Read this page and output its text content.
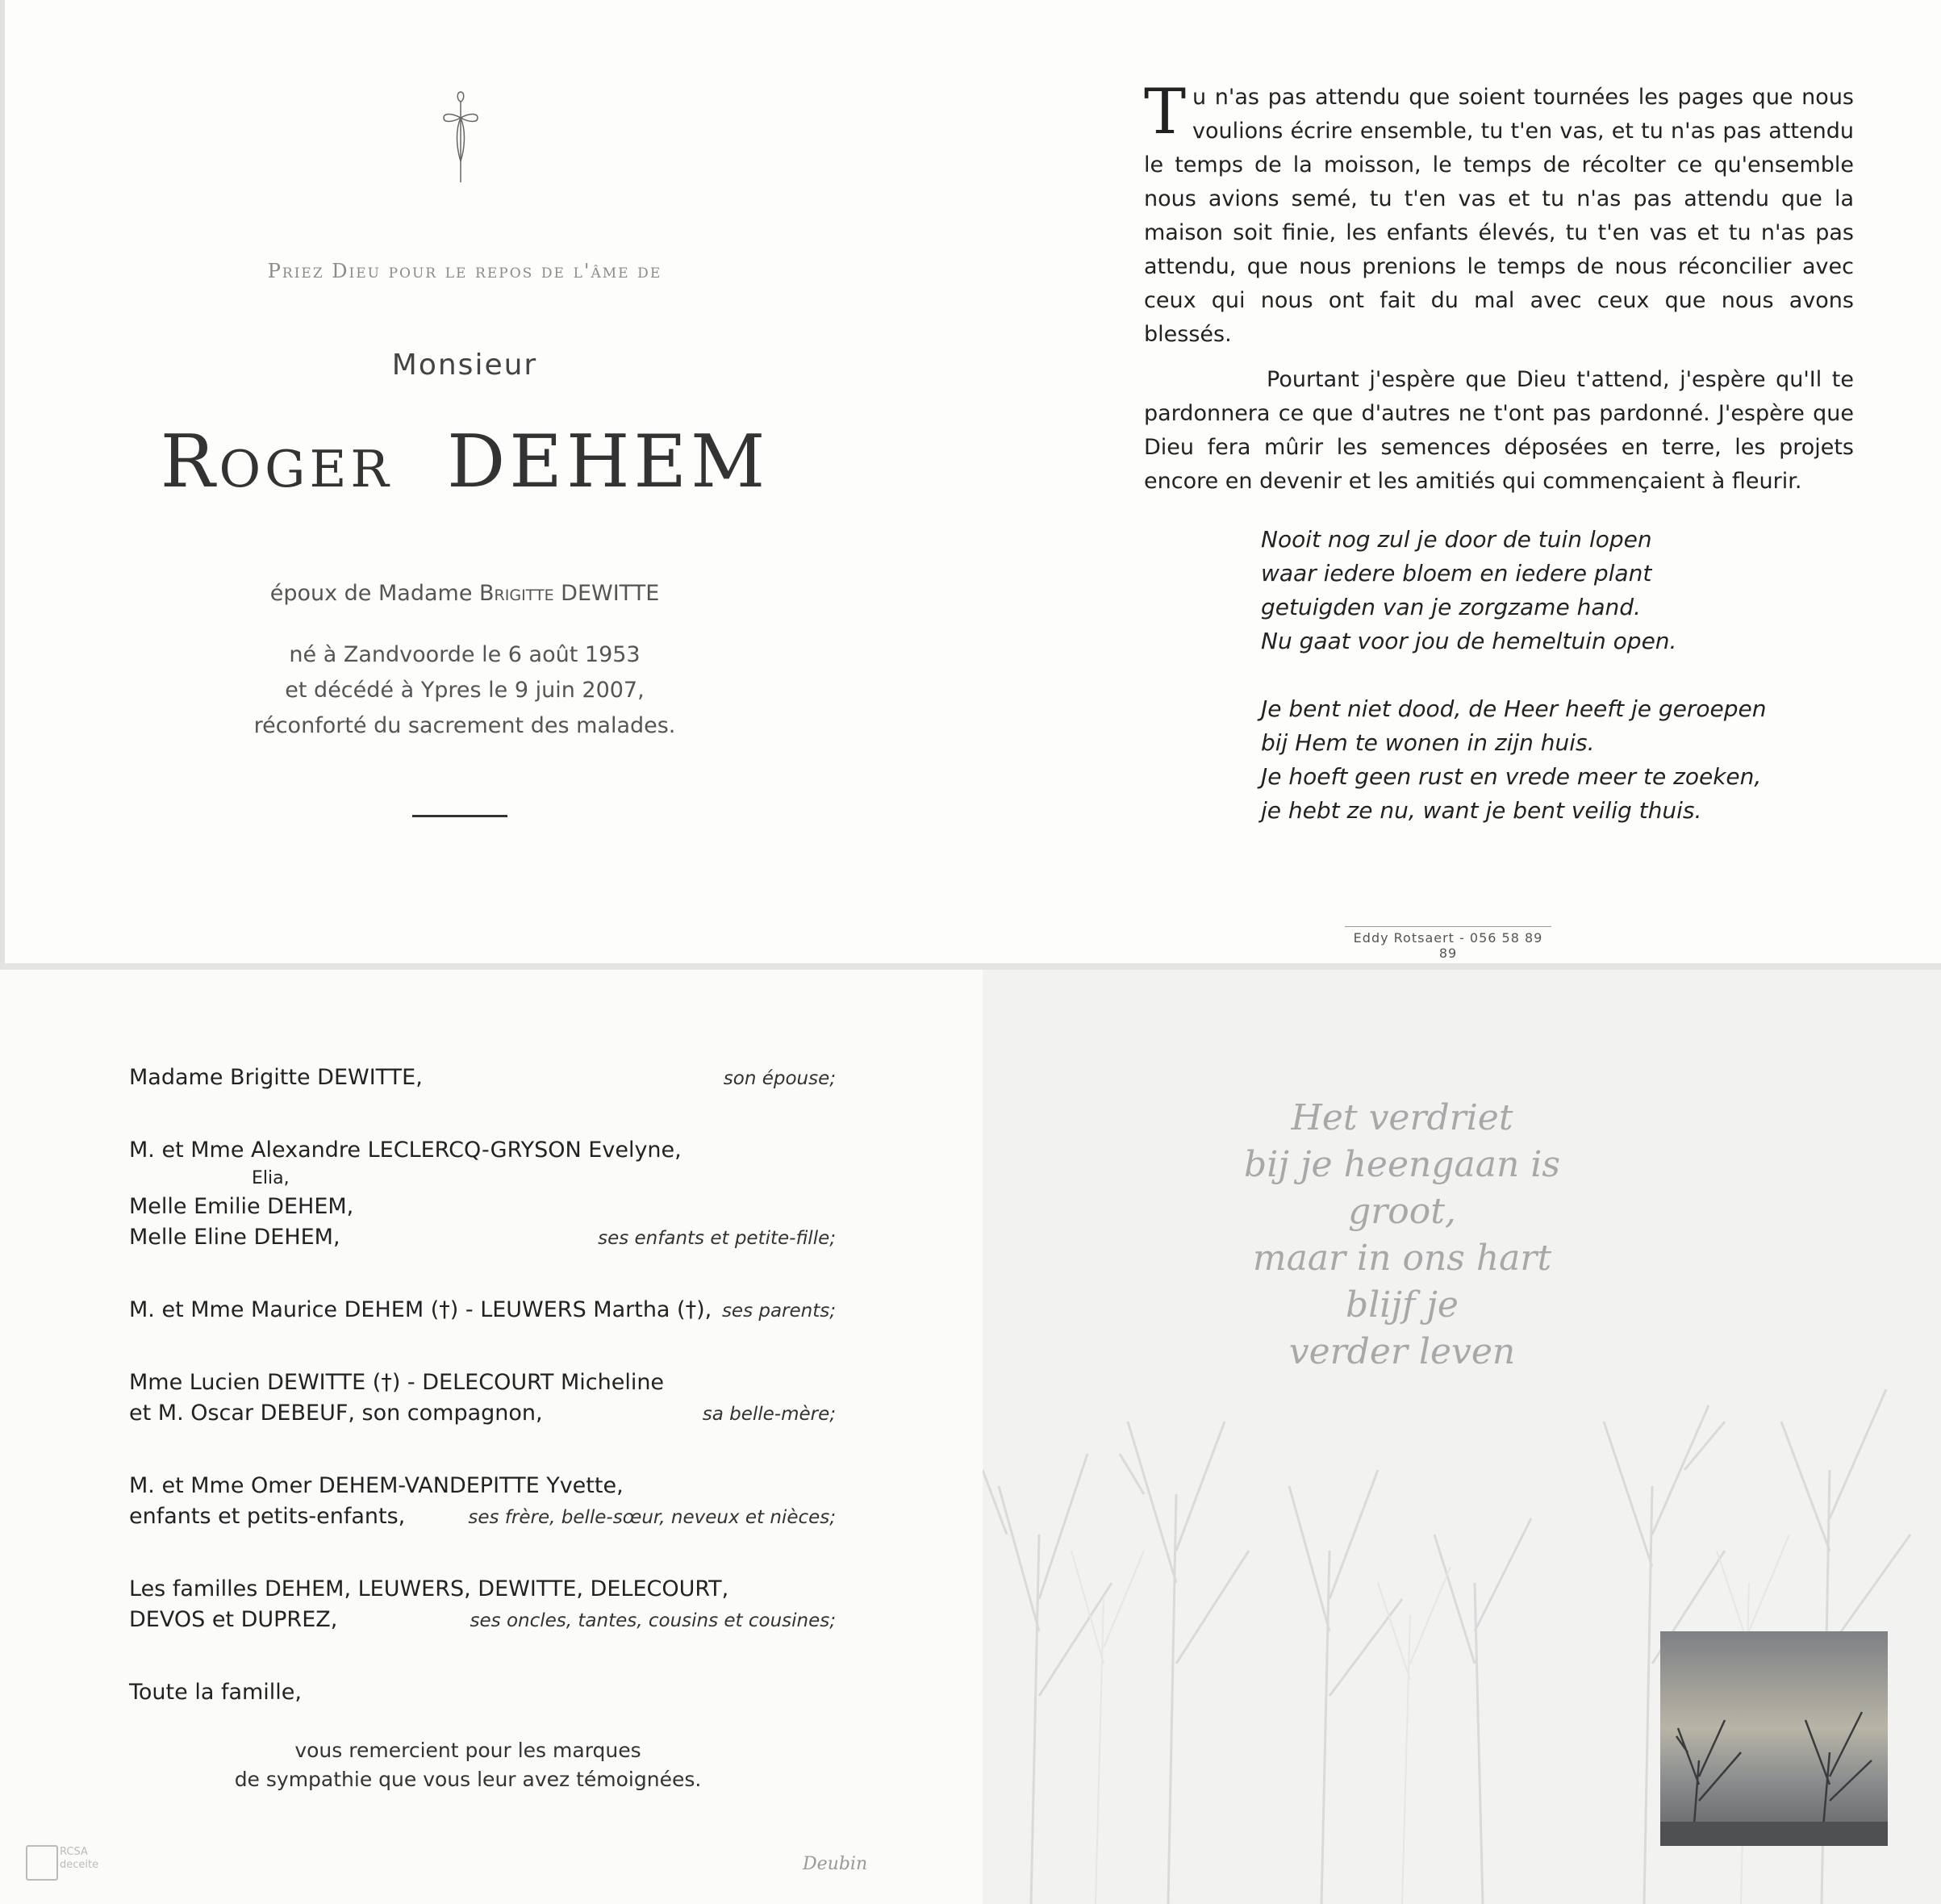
Priez Dieu pour le repos de l'âme de
Monsieur
Roger DEHEM
époux de Madame Brigitte DEWITTE
né à Zandvoorde le 6 août 1953
et décédé à Ypres le 9 juin 2007,
réconforté du sacrement des malades.
Tu n'as pas attendu que soient tournées les pages que nous voulions écrire ensemble, tu t'en vas, et tu n'as pas attendu le temps de la moisson, le temps de récolter ce qu'ensemble nous avions semé, tu t'en vas et tu n'as pas attendu que la maison soit finie, les enfants élevés, tu t'en vas et tu n'as pas attendu, que nous prenions le temps de nous réconcilier avec ceux qui nous ont fait du mal avec ceux que nous avons blessés.
Pourtant j'espère que Dieu t'attend, j'espère qu'Il te pardonnera ce que d'autres ne t'ont pas pardonné. J'espère que Dieu fera mûrir les semences déposées en terre, les projets encore en devenir et les amitiés qui commençaient à fleurir.
Nooit nog zul je door de tuin lopen
waar iedere bloem en iedere plant
getuigden van je zorgzame hand.
Nu gaat voor jou de hemeltuin open.
Je bent niet dood, de Heer heeft je geroepen
bij Hem te wonen in zijn huis.
Je hoeft geen rust en vrede meer te zoeken,
je hebt ze nu, want je bent veilig thuis.
Eddy Rotsaert - 056 58 89 89
Madame Brigitte DEWITTE,	son épouse;
M. et Mme Alexandre LECLERCQ-GRYSON Evelyne,
Elia,
Melle Emilie DEHEM,
Melle Eline DEHEM,	ses enfants et petite-fille;
M. et Mme Maurice DEHEM (†) - LEUWERS Martha (†), ses parents;
Mme Lucien DEWITTE (†) - DELECOURT Micheline
et M. Oscar DEBEUF, son compagnon,	sa belle-mère;
M. et Mme Omer DEHEM-VANDEPITTE Yvette,
enfants et petits-enfants,	ses frère, belle-sœur, neveux et nièces;
Les familles DEHEM, LEUWERS, DEWITTE, DELECOURT,
DEVOS et DUPREZ,	ses oncles, tantes, cousins et cousines;
Toute la famille,
vous remercient pour les marques
de sympathie que vous leur avez témoignées.
RCSA
deceite	Deubin
Het verdriet
bij je heengaan is groot,
maar in ons hart blijf je
verder leven
